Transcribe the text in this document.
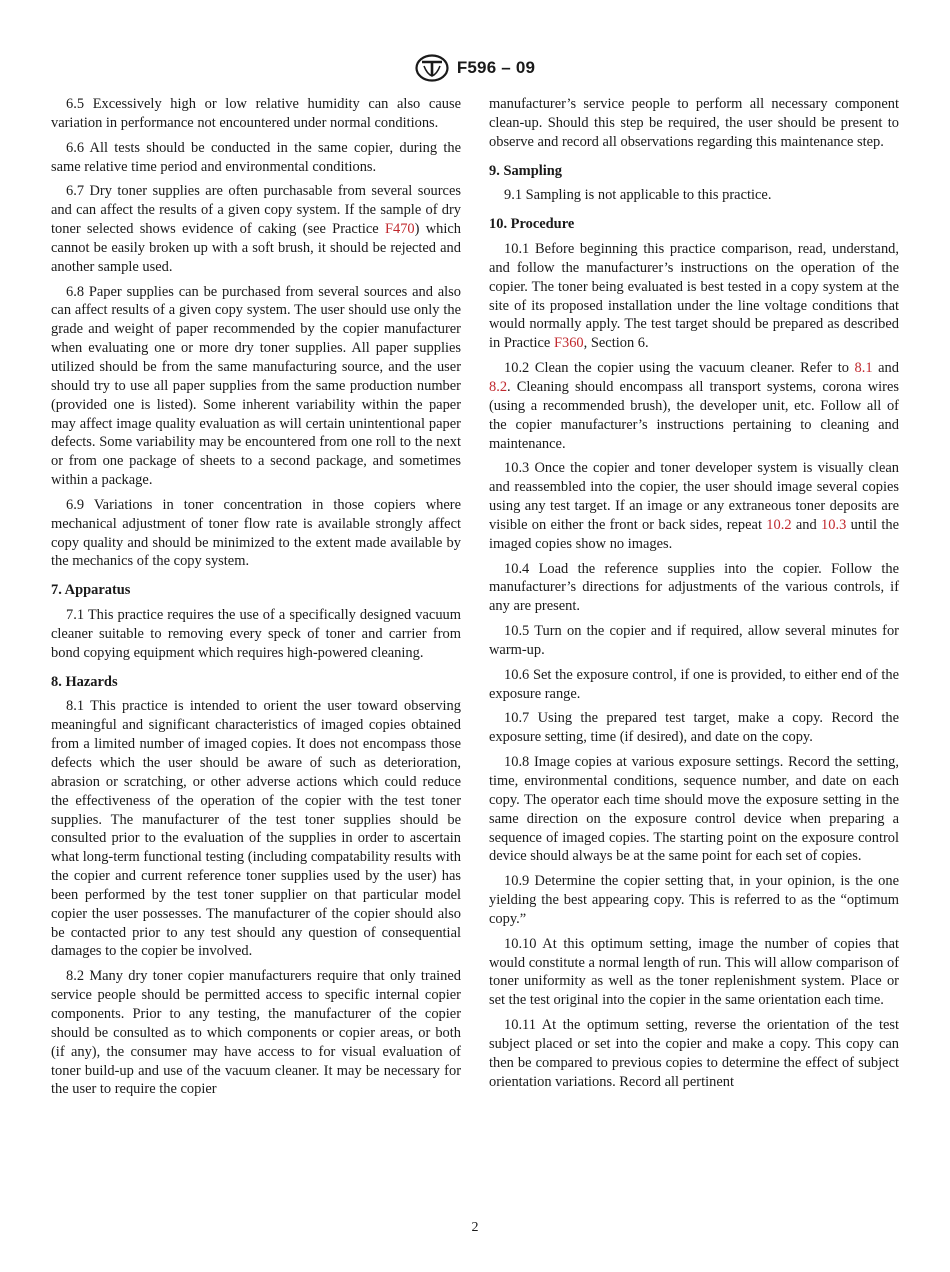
F596 – 09

6.5 Excessively high or low relative humidity can also cause variation in performance not encountered under normal conditions.

6.6 All tests should be conducted in the same copier, during the same relative time period and environmental conditions.

6.7 Dry toner supplies are often purchasable from several sources and can affect the results of a given copy system. If the sample of dry toner selected shows evidence of caking (see Practice F470) which cannot be easily broken up with a soft brush, it should be rejected and another sample used.

6.8 Paper supplies can be purchased from several sources and also can affect results of a given copy system. The user should use only the grade and weight of paper recommended by the copier manufacturer when evaluating one or more dry toner supplies. All paper supplies utilized should be from the same manufacturing source, and the user should try to use all paper supplies from the same production number (provided one is listed). Some inherent variability within the paper may affect image quality evaluation as will certain unintentional paper defects. Some variability may be encountered from one roll to the next or from one package of sheets to a second package, and sometimes within a package.

6.9 Variations in toner concentration in those copiers where mechanical adjustment of toner flow rate is available strongly affect copy quality and should be minimized to the extent made available by the mechanics of the copy system.

7. Apparatus

7.1 This practice requires the use of a specifically designed vacuum cleaner suitable to removing every speck of toner and carrier from bond copying equipment which requires high-powered cleaning.

8. Hazards

8.1 This practice is intended to orient the user toward observing meaningful and significant characteristics of imaged copies obtained from a limited number of imaged copies. It does not encompass those defects which the user should be aware of such as deterioration, abrasion or scratching, or other adverse actions which could reduce the effectiveness of the operation of the copier with the test toner supplies. The manufacturer of the test toner supplies should be consulted prior to the evaluation of the supplies in order to ascertain what long-term functional testing (including compatability results with the copier and current reference toner supplies used by the user) has been performed by the test toner supplier on that particular model copier the user possesses. The manufacturer of the copier should also be contacted prior to any test should any question of consequential damages to the copier be involved.

8.2 Many dry toner copier manufacturers require that only trained service people should be permitted access to specific internal copier components. Prior to any testing, the manufacturer of the copier should be consulted as to which components or copier areas, or both (if any), the consumer may have access to for visual evaluation of toner build-up and use of the vacuum cleaner. It may be necessary for the user to require the copier

manufacturer’s service people to perform all necessary component clean-up. Should this step be required, the user should be present to observe and record all observations regarding this maintenance step.

9. Sampling

9.1 Sampling is not applicable to this practice.

10. Procedure

10.1 Before beginning this practice comparison, read, understand, and follow the manufacturer’s instructions on the operation of the copier. The toner being evaluated is best tested in a copy system at the site of its proposed installation under the line voltage conditions that would normally apply. The test target should be prepared as described in Practice F360, Section 6.

10.2 Clean the copier using the vacuum cleaner. Refer to 8.1 and 8.2. Cleaning should encompass all transport systems, corona wires (using a recommended brush), the developer unit, etc. Follow all of the copier manufacturer’s instructions pertaining to cleaning and maintenance.

10.3 Once the copier and toner developer system is visually clean and reassembled into the copier, the user should image several copies using any test target. If an image or any extraneous toner deposits are visible on either the front or back sides, repeat 10.2 and 10.3 until the imaged copies show no images.

10.4 Load the reference supplies into the copier. Follow the manufacturer’s directions for adjustments of the various controls, if any are present.

10.5 Turn on the copier and if required, allow several minutes for warm-up.

10.6 Set the exposure control, if one is provided, to either end of the exposure range.

10.7 Using the prepared test target, make a copy. Record the exposure setting, time (if desired), and date on the copy.

10.8 Image copies at various exposure settings. Record the setting, time, environmental conditions, sequence number, and date on each copy. The operator each time should move the exposure setting in the same direction on the exposure control device when preparing a sequence of imaged copies. The starting point on the exposure control device should always be at the same point for each set of copies.

10.9 Determine the copier setting that, in your opinion, is the one yielding the best appearing copy. This is referred to as the “optimum copy.”

10.10 At this optimum setting, image the number of copies that would constitute a normal length of run. This will allow comparison of toner uniformity as well as the toner replenishment system. Place or set the test original into the copier in the same orientation each time.

10.11 At the optimum setting, reverse the orientation of the test subject placed or set into the copier and make a copy. This copy can then be compared to previous copies to determine the effect of subject orientation variations. Record all pertinent

2
